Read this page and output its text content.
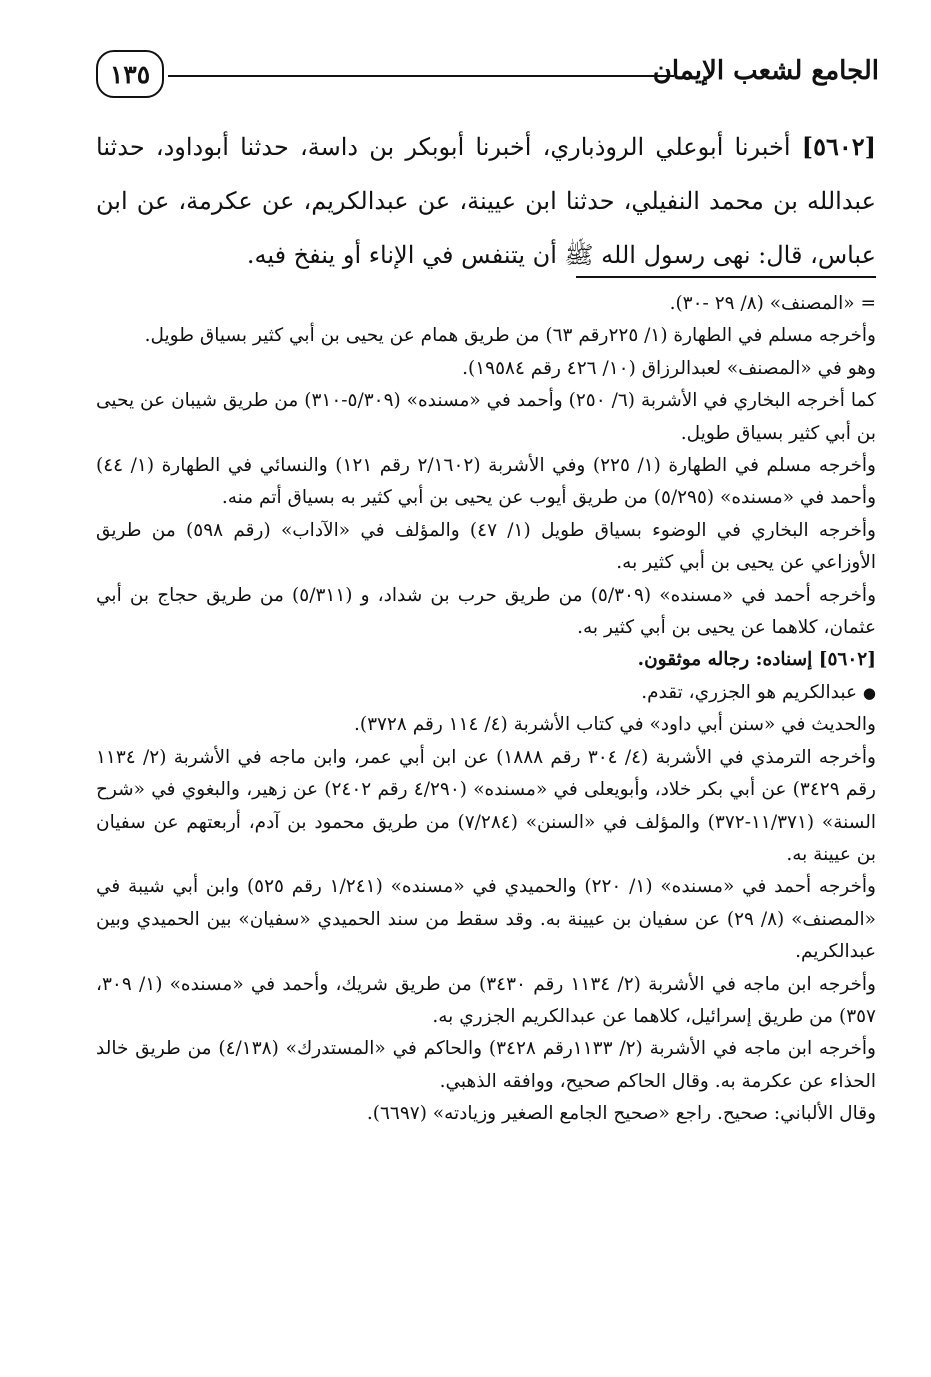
الجامع لشعب الإيمان
١٣٥
[٥٦٠٢] أخبرنا أبوعلي الروذباري، أخبرنا أبوبكر بن داسة، حدثنا أبوداود، حدثنا عبدالله بن محمد النفيلي، حدثنا ابن عيينة، عن عبدالكريم، عن عكرمة، عن ابن عباس، قال: نهى رسول الله ﷺ أن يتنفس في الإناء أو ينفخ فيه.

= «المصنف» (٨/ ٢٩ -٣٠).

وأخرجه مسلم في الطهارة (١/ ٢٢٥رقم ٦٣) من طريق همام عن يحيى بن أبي كثير بسياق طويل.

وهو في «المصنف» لعبدالرزاق (١٠/ ٤٢٦ رقم ١٩٥٨٤).

كما أخرجه البخاري في الأشربة (٦/ ٢٥٠) وأحمد في «مسنده» (٥/٣٠٩-٣١٠) من طريق شيبان عن يحيى بن أبي كثير بسياق طويل.

وأخرجه مسلم في الطهارة (١/ ٢٢٥) وفي الأشربة (٢/١٦٠٢ رقم ١٢١) والنسائي في الطهارة (١/ ٤٤) وأحمد في «مسنده» (٥/٢٩٥) من طريق أيوب عن يحيى بن أبي كثير به بسياق أتم منه.

وأخرجه البخاري في الوضوء بسياق طويل (١/ ٤٧) والمؤلف في «الآداب» (رقم ٥٩٨) من طريق الأوزاعي عن يحيى بن أبي كثير به.

وأخرجه أحمد في «مسنده» (٥/٣٠٩) من طريق حرب بن شداد، و (٥/٣١١) من طريق حجاج بن أبي عثمان، كلاهما عن يحيى بن أبي كثير به.

[٥٦٠٢] إسناده: رجاله موثقون.

● عبدالكريم هو الجزري، تقدم.

والحديث في «سنن أبي داود» في كتاب الأشربة (٤/ ١١٤ رقم ٣٧٢٨).

وأخرجه الترمذي في الأشربة (٤/ ٣٠٤ رقم ١٨٨٨) عن ابن أبي عمر، وابن ماجه في الأشربة (٢/ ١١٣٤ رقم ٣٤٢٩) عن أبي بكر خلاد، وأبويعلى في «مسنده» (٤/٢٩٠ رقم ٢٤٠٢) عن زهير، والبغوي في «شرح السنة» (١١/٣٧١-٣٧٢) والمؤلف في «السنن» (٧/٢٨٤) من طريق محمود بن آدم، أربعتهم عن سفيان بن عيينة به.

وأخرجه أحمد في «مسنده» (١/ ٢٢٠) والحميدي في «مسنده» (١/٢٤١ رقم ٥٢٥) وابن أبي شيبة في «المصنف» (٨/ ٢٩) عن سفيان بن عيينة به. وقد سقط من سند الحميدي «سفيان» بين الحميدي وبين عبدالكريم.

وأخرجه ابن ماجه في الأشربة (٢/ ١١٣٤ رقم ٣٤٣٠) من طريق شريك، وأحمد في «مسنده» (١/ ٣٠٩، ٣٥٧) من طريق إسرائيل، كلاهما عن عبدالكريم الجزري به.

وأخرجه ابن ماجه في الأشربة (٢/ ١١٣٣رقم ٣٤٢٨) والحاكم في «المستدرك» (٤/١٣٨) من طريق خالد الحذاء عن عكرمة به. وقال الحاكم صحيح، ووافقه الذهبي.

وقال الألباني: صحيح. راجع «صحيح الجامع الصغير وزيادته» (٦٦٩٧).
